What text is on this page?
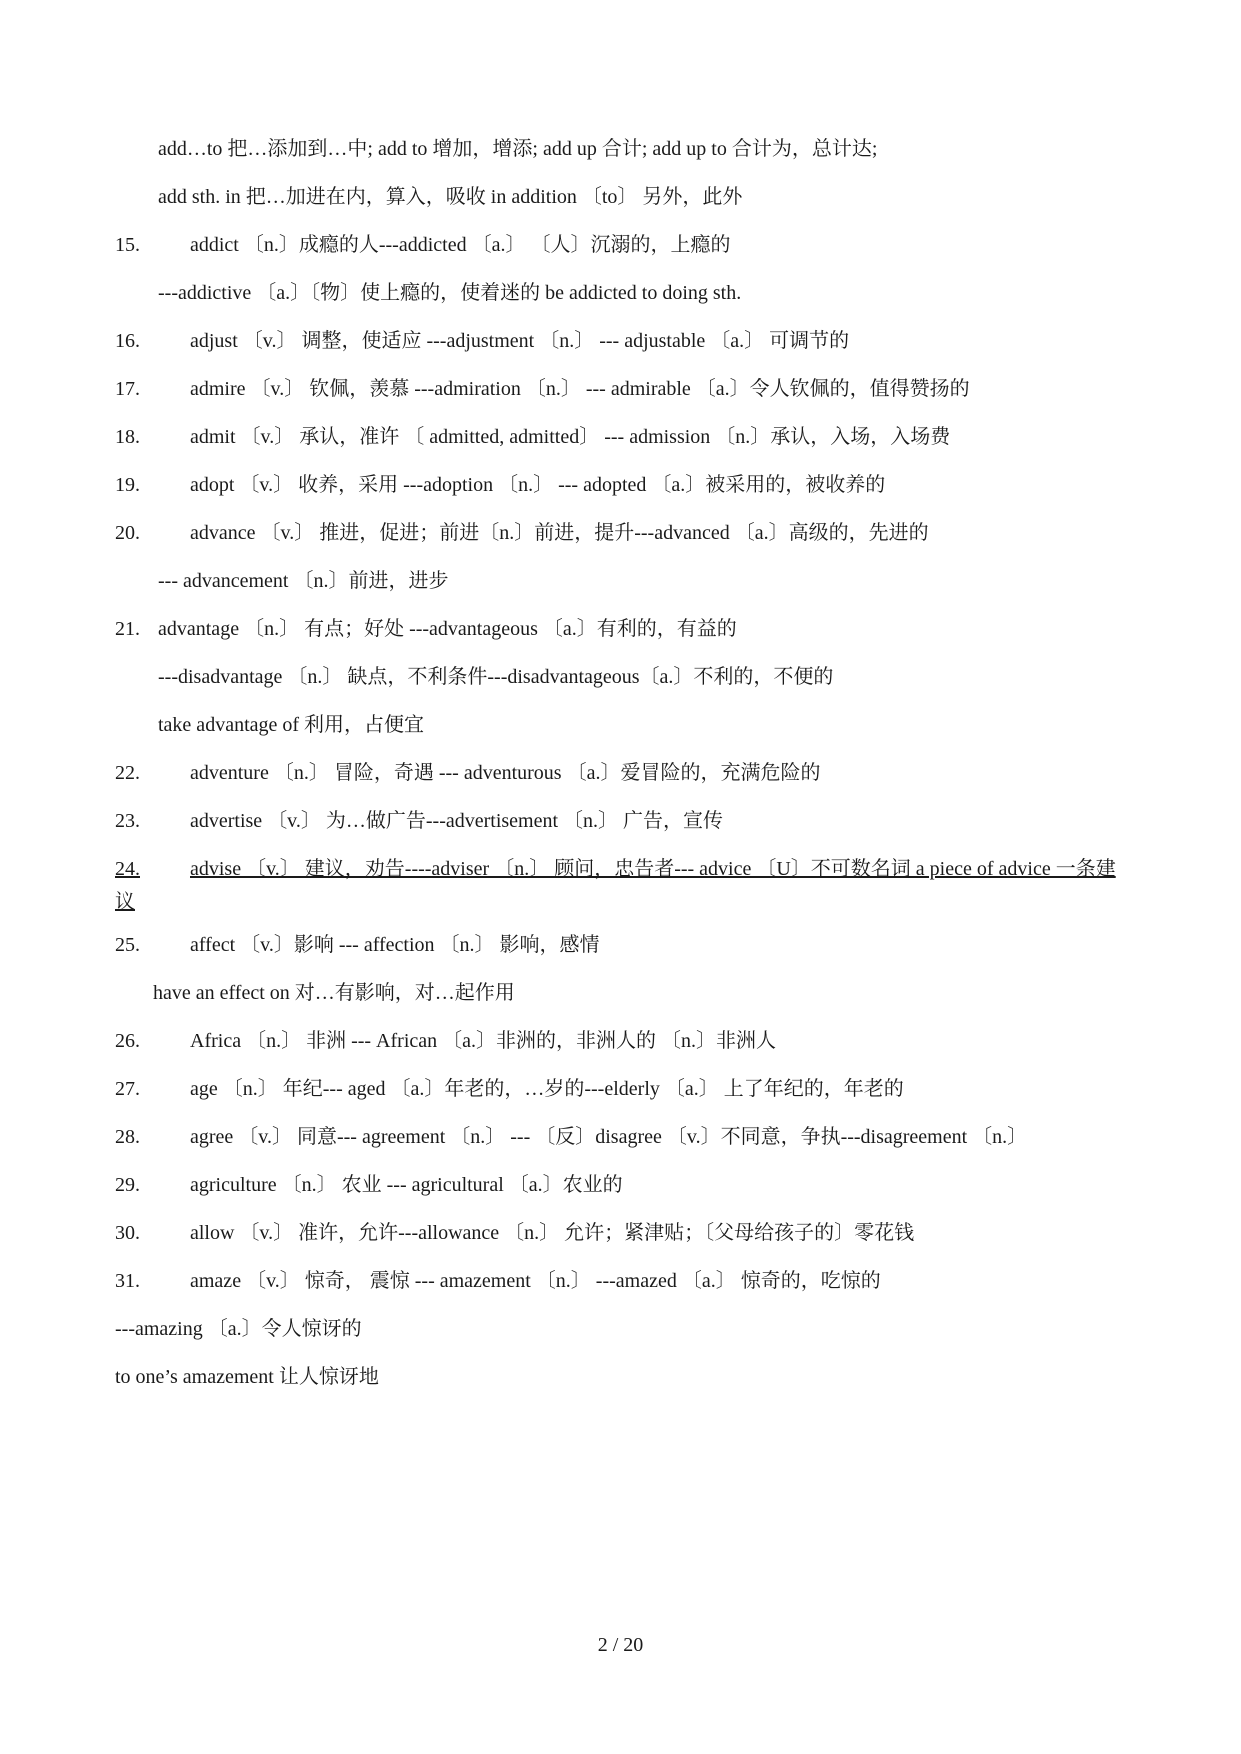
add…to 把…添加到…中; add to 增加，增添; add up 合计; add up to 合计为，总计达;
add sth. in 把…加进在内，算入，吸收 in addition 〔to〕 另外，此外
15.	addict 〔n.〕成瘾的人---addicted 〔a.〕 〔人〕沉溺的，上瘾的
---addictive 〔a.〕〔物〕使上瘾的，使着迷的 be addicted to doing sth.
16.	adjust 〔v.〕 调整，使适应 ---adjustment 〔n.〕 --- adjustable 〔a.〕 可调节的
17.	admire 〔v.〕 钦佩，羡慕 ---admiration 〔n.〕 --- admirable 〔a.〕令人钦佩的，值得赞扬的
18.	admit 〔v.〕 承认，准许 〔 admitted, admitted〕 --- admission 〔n.〕承认，入场，入场费
19.	adopt 〔v.〕 收养，采用 ---adoption 〔n.〕 --- adopted 〔a.〕被采用的，被收养的
20.	advance 〔v.〕 推进，促进；前进〔n.〕前进，提升---advanced 〔a.〕高级的，先进的
--- advancement 〔n.〕前进，进步
21. advantage 〔n.〕 有点；好处 ---advantageous 〔a.〕有利的，有益的
---disadvantage 〔n.〕 缺点，不利条件---disadvantageous〔a.〕不利的，不便的
take advantage of 利用，占便宜
22.	adventure 〔n.〕 冒险，奇遇 --- adventurous 〔a.〕爱冒险的，充满危险的
23.	advertise 〔v.〕 为…做广告---advertisement 〔n.〕 广告，宣传
24.	advise 〔v.〕 建议，劝告----adviser 〔n.〕 顾问，忠告者--- advice 〔U〕不可数名词 a piece of advice 一条建议
25.	affect 〔v.〕影响 --- affection 〔n.〕 影响，感情
have an effect on 对…有影响，对…起作用
26.	Africa 〔n.〕 非洲 --- African 〔a.〕非洲的，非洲人的 〔n.〕非洲人
27.	age 〔n.〕 年纪--- aged 〔a.〕年老的，…岁的---elderly 〔a.〕 上了年纪的，年老的
28.	agree 〔v.〕 同意--- agreement 〔n.〕 --- 〔反〕disagree 〔v.〕不同意，争执---disagreement 〔n.〕
29.	agriculture 〔n.〕 农业 --- agricultural 〔a.〕农业的
30.	allow 〔v.〕 准许，允许---allowance 〔n.〕 允许；紧津贴；〔父母给孩子的〕零花钱
31.	amaze 〔v.〕 惊奇， 震惊 --- amazement 〔n.〕 ---amazed 〔a.〕 惊奇的，吃惊的
---amazing 〔a.〕令人惊讶的
to one’s amazement 让人惊讶地
2 / 20
